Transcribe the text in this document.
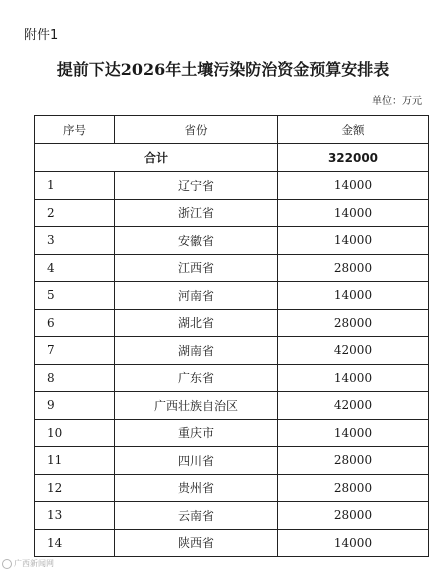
附件1
提前下达2026年土壤污染防治资金预算安排表
单位：万元
序号	省份	金额
合计		322000
1	辽宁省	14000
2	浙江省	14000
3	安徽省	14000
4	江西省	28000
5	河南省	14000
6	湖北省	28000
7	湖南省	42000
8	广东省	14000
9	广西壮族自治区	42000
10	重庆市	14000
11	四川省	28000
12	贵州省	28000
13	云南省	28000
14	陕西省	14000
广西新闻网
